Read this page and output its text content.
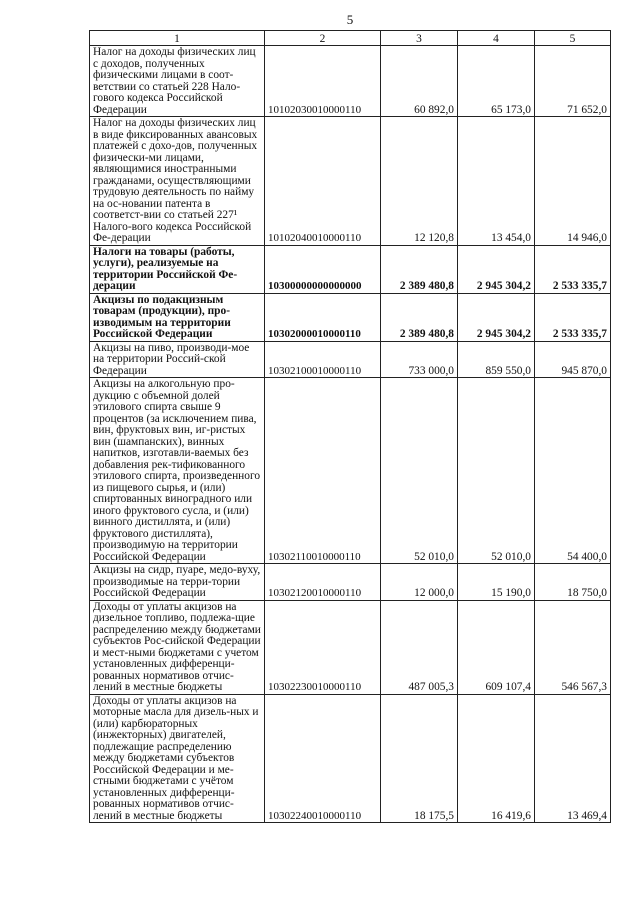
5
1	2	3	4	5
Налог на доходы физических лиц с доходов, полученных физическими лицами в соот-ветствии со статьей 228 Нало-гового кодекса Российской Федерации	10102030010000110	60 892,0	65 173,0	71 652,0
Налог на доходы физических лиц в виде фиксированных авансовых платежей с дохо-дов, полученных физически-ми лицами, являющимися иностранными гражданами, осуществляющими трудовую деятельность по найму на ос-новании патента в соответст-вии со статьей 227¹ Налого-вого кодекса Российской Фе-дерации	10102040010000110	12 120,8	13 454,0	14 946,0
Налоги на товары (работы, услуги), реализуемые на территории Российской Фе-дерации	10300000000000000	2 389 480,8	2 945 304,2	2 533 335,7
Акцизы по подакцизным товарам (продукции), про-изводимым на территории Российской Федерации	10302000010000110	2 389 480,8	2 945 304,2	2 533 335,7
Акцизы на пиво, производи-мое на территории Россий-ской Федерации	10302100010000110	733 000,0	859 550,0	945 870,0
Акцизы на алкогольную про-дукцию с объемной долей этилового спирта свыше 9 процентов (за исключением пива, вин, фруктовых вин, иг-ристых вин (шампанских), винных напитков, изготавли-ваемых без добавления рек-тификованного этилового спирта, произведенного из пищевого сырья, и (или) спиртованных виноградного или иного фруктового сусла, и (или) винного дистиллята, и (или) фруктового дистиллята), производимую на территории Российской Федерации	10302110010000110	52 010,0	52 010,0	54 400,0
Акцизы на сидр, пуаре, медо-вуху, производимые на терри-тории Российской Федерации	10302120010000110	12 000,0	15 190,0	18 750,0
Доходы от уплаты акцизов на дизельное топливо, подлежа-щие распределению между бюджетами субъектов Рос-сийской Федерации и мест-ными бюджетами с учетом установленных дифференци-рованных нормативов отчис-лений в местные бюджеты	10302230010000110	487 005,3	609 107,4	546 567,3
Доходы от уплаты акцизов на моторные масла для дизель-ных и (или) карбюраторных (инжекторных) двигателей, подлежащие распределению между бюджетами субъектов Российской Федерации и ме-стными бюджетами с учётом установленных дифференци-рованных нормативов отчис-лений в местные бюджеты	10302240010000110	18 175,5	16 419,6	13 469,4
